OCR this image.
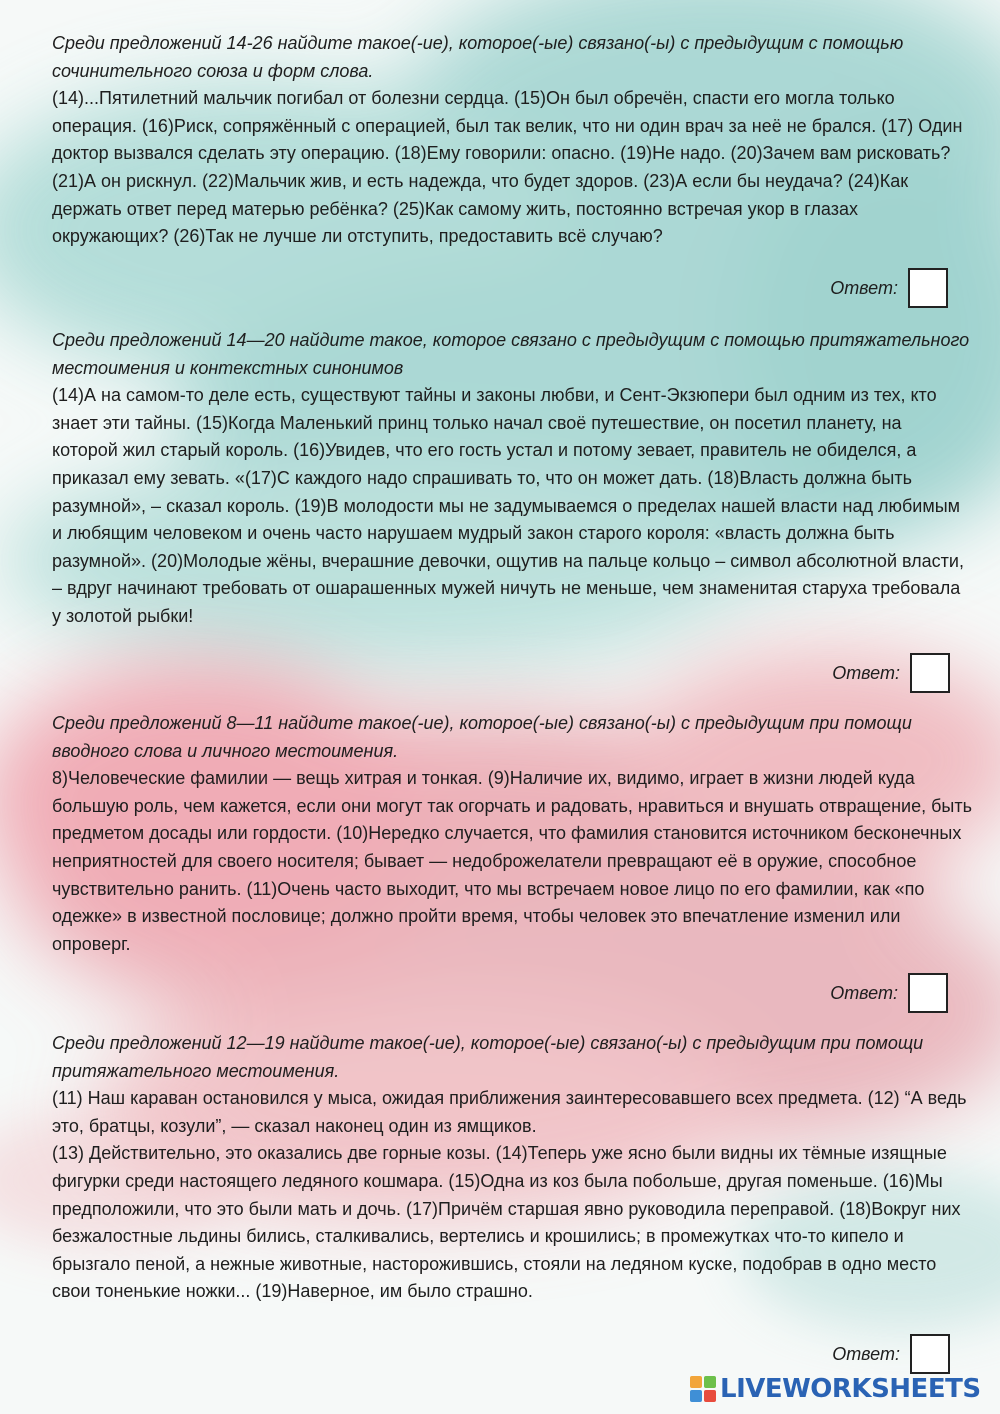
Среди предложений 14-26 найдите такое(-ие), которое(-ые) связано(-ы) с предыдущим с помощью сочинительного союза и форм слова.

(14)...Пятилетний мальчик погибал от болезни сердца. (15)Он был обречён, спасти его могла только операция. (16)Риск, сопряжённый с операцией, был так велик, что ни один врач за неё не брался. (17) Один доктор вызвался сделать эту операцию. (18)Ему говорили: опасно. (19)Не надо. (20)Зачем вам рисковать? (21)А он рискнул. (22)Мальчик жив, и есть надежда, что будет здоров. (23)А если бы неудача? (24)Как держать ответ перед матерью ребёнка? (25)Как самому жить, постоянно встречая укор в глазах окружающих? (26)Так не лучше ли отступить, предоставить всё случаю?

Ответ:

Среди предложений 14—20 найдите такое, которое связано с предыдущим с помощью притяжательного местоимения и контекстных синонимов

(14)А на самом-то деле есть, существуют тайны и законы любви, и Сент-Экзюпери был одним из тех, кто знает эти тайны. (15)Когда Маленький принц только начал своё путешествие, он посетил планету, на которой жил старый король. (16)Увидев, что его гость устал и потому зевает, правитель не обиделся, а приказал ему зевать. «(17)С каждого надо спрашивать то, что он может дать. (18)Власть должна быть разумной», – сказал король. (19)В молодости мы не задумываемся о пределах нашей власти над любимым и любящим человеком и очень часто нарушаем мудрый закон старого короля: «власть должна быть разумной». (20)Молодые жёны, вчерашние девочки, ощутив на пальце кольцо – символ абсолютной власти, – вдруг начинают требовать от ошарашенных мужей ничуть не меньше, чем знаменитая старуха требовала у золотой рыбки!

Ответ:

Среди предложений 8—11 найдите такое(-ие), которое(-ые) связано(-ы) с предыдущим при помощи вводного слова и личного местоимения.

8)Человеческие фамилии — вещь хитрая и тонкая. (9)Наличие их, видимо, играет в жизни людей куда большую роль, чем кажется, если они могут так огорчать и радовать, нравиться и внушать отвращение, быть предметом досады или гордости. (10)Нередко случается, что фамилия становится источником бесконечных неприятностей для своего носителя; бывает — недоброжелатели превращают её в оружие, способное чувствительно ранить. (11)Очень часто выходит, что мы встречаем новое лицо по его фамилии, как «по одежке» в известной пословице; должно пройти время, чтобы человек это впечатление изменил или опроверг.

Ответ:

Среди предложений 12—19 найдите такое(-ие), которое(-ые) связано(-ы) с предыдущим при помощи притяжательного местоимения.

(11) Наш караван остановился у мыса, ожидая приближения заинтересовавшего всех предмета. (12) “А ведь это, братцы, козули”, — сказал наконец один из ямщиков.
(13) Действительно, это оказались две горные козы. (14)Теперь уже ясно были видны их тёмные изящные фигурки среди настоящего ледяного кошмара. (15)Одна из коз была побольше, другая поменьше. (16)Мы предположили, что это были мать и дочь. (17)Причём старшая явно руководила переправой. (18)Вокруг них безжалостные льдины бились, сталкивались, вертелись и крошились; в промежутках что-то кипело и брызгало пеной, а нежные животные, насторожившись, стояли на ледяном куске, подобрав в одно место свои тоненькие ножки... (19)Наверное, им было страшно.

Ответ:
LIVEWORKSHEETS
